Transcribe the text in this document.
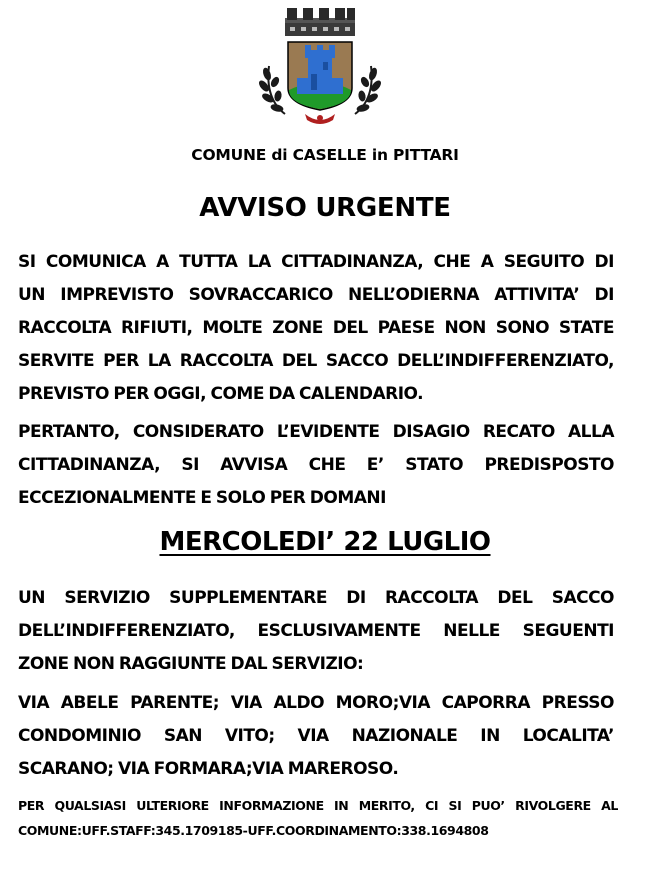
COMUNE di CASELLE in PITTARI
AVVISO URGENTE
SI COMUNICA A TUTTA LA CITTADINANZA, CHE A SEGUITO DI
UN IMPREVISTO SOVRACCARICO NELL’ODIERNA ATTIVITA’ DI
RACCOLTA RIFIUTI, MOLTE ZONE DEL PAESE NON SONO STATE
SERVITE PER LA RACCOLTA DEL SACCO DELL’INDIFFERENZIATO,
PREVISTO PER OGGI, COME DA CALENDARIO.
PERTANTO, CONSIDERATO L’EVIDENTE DISAGIO RECATO ALLA
CITTADINANZA, SI AVVISA CHE E’ STATO PREDISPOSTO
ECCEZIONALMENTE E SOLO PER DOMANI
MERCOLEDI’ 22 LUGLIO
UN SERVIZIO SUPPLEMENTARE DI RACCOLTA DEL SACCO
DELL’INDIFFERENZIATO, ESCLUSIVAMENTE NELLE SEGUENTI
ZONE NON RAGGIUNTE DAL SERVIZIO:
VIA ABELE PARENTE; VIA ALDO MORO;VIA CAPORRA PRESSO
CONDOMINIO SAN VITO; VIA NAZIONALE IN LOCALITA’
SCARANO; VIA FORMARA;VIA MAREROSO.
PER QUALSIASI ULTERIORE INFORMAZIONE IN MERITO, CI SI PUO’ RIVOLGERE AL
COMUNE:UFF.STAFF:345.1709185-UFF.COORDINAMENTO:338.1694808
